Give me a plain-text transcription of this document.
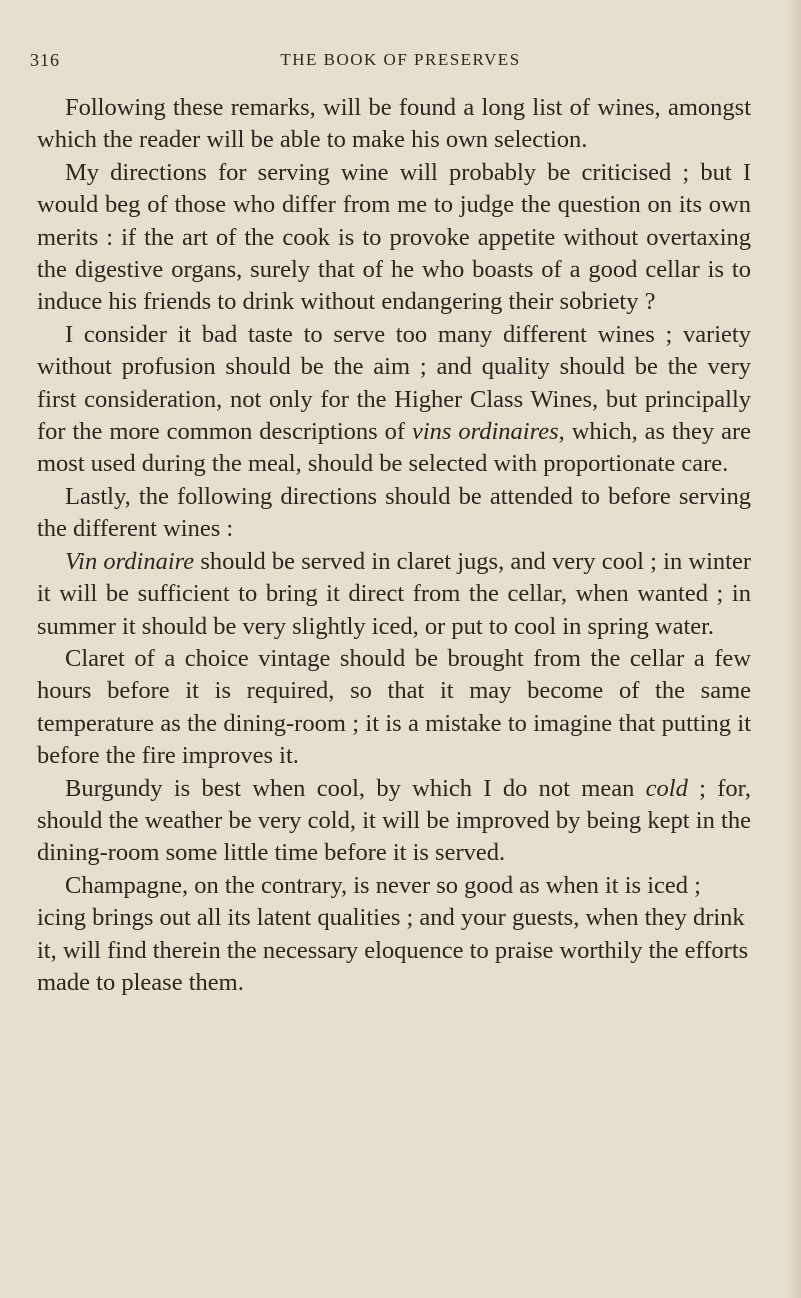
316	THE BOOK OF PRESERVES

Following these remarks, will be found a long list of wines, amongst which the reader will be able to make his own selection.

My directions for serving wine will probably be criticised ; but I would beg of those who differ from me to judge the question on its own merits : if the art of the cook is to provoke appetite without overtaxing the digestive organs, surely that of he who boasts of a good cellar is to induce his friends to drink without endangering their sobriety ?

I consider it bad taste to serve too many different wines ; variety without profusion should be the aim ; and quality should be the very first consideration, not only for the Higher Class Wines, but principally for the more common descriptions of vins ordinaires, which, as they are most used during the meal, should be selected with proportionate care.

Lastly, the following directions should be attended to before serving the different wines :

Vin ordinaire should be served in claret jugs, and very cool ; in winter it will be sufficient to bring it direct from the cellar, when wanted ; in summer it should be very slightly iced, or put to cool in spring water.

Claret of a choice vintage should be brought from the cellar a few hours before it is required, so that it may become of the same temperature as the dining-room ; it is a mistake to imagine that putting it before the fire improves it.

Burgundy is best when cool, by which I do not mean cold ; for, should the weather be very cold, it will be improved by being kept in the dining-room some little time before it is served.

Champagne, on the contrary, is never so good as when it is iced ; icing brings out all its latent qualities ; and your guests, when they drink it, will find therein the necessary eloquence to praise worthily the efforts made to please them.
